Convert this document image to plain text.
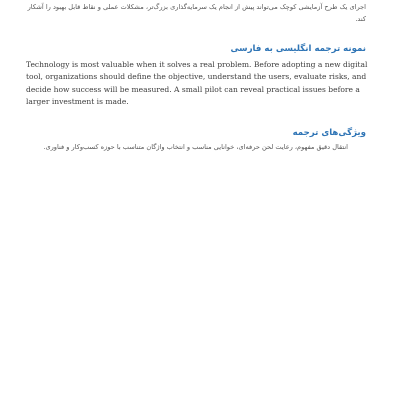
اجرای یک طرح آزمایشی کوچک می‌تواند پیش از انجام یک سرمایه‌گذاری بزرگ‌تر، مشکلات عملی و نقاط قابل بهبود را آشکار کند.

نمونه ترجمه انگلیسی به فارسی

Technology is most valuable when it solves a real problem. Before adopting a new digital tool, organizations should define the objective, understand the users, evaluate risks, and decide how success will be measured. A small pilot can reveal practical issues before a larger investment is made.

ویژگی‌های ترجمه

انتقال دقیق مفهوم، رعایت لحن حرفه‌ای، خوانایی مناسب و انتخاب واژگان متناسب با حوزه کسب‌وکار و فناوری.
